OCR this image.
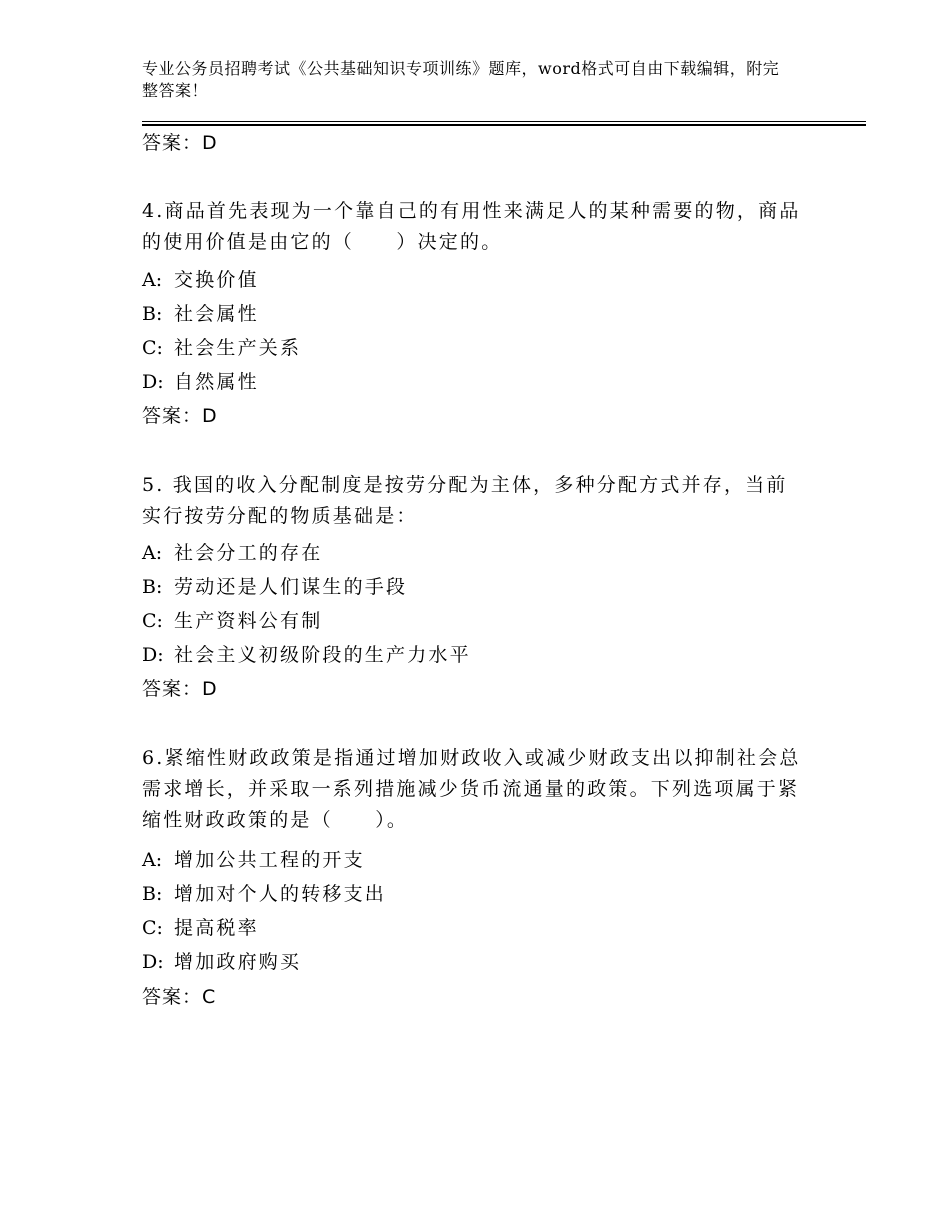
专业公务员招聘考试《公共基础知识专项训练》题库，word格式可自由下载编辑，附完整答案！
答案：D
4.商品首先表现为一个靠自己的有用性来满足人的某种需要的物，商品的使用价值是由它的（　　）决定的。
A: 交换价值
B: 社会属性
C: 社会生产关系
D: 自然属性
答案：D
5. 我国的收入分配制度是按劳分配为主体，多种分配方式并存，当前实行按劳分配的物质基础是：
A: 社会分工的存在
B: 劳动还是人们谋生的手段
C: 生产资料公有制
D: 社会主义初级阶段的生产力水平
答案：D
6.紧缩性财政政策是指通过增加财政收入或减少财政支出以抑制社会总需求增长，并采取一系列措施减少货币流通量的政策。下列选项属于紧缩性财政政策的是（　　）。
A: 增加公共工程的开支
B: 增加对个人的转移支出
C: 提高税率
D: 增加政府购买
答案：C
